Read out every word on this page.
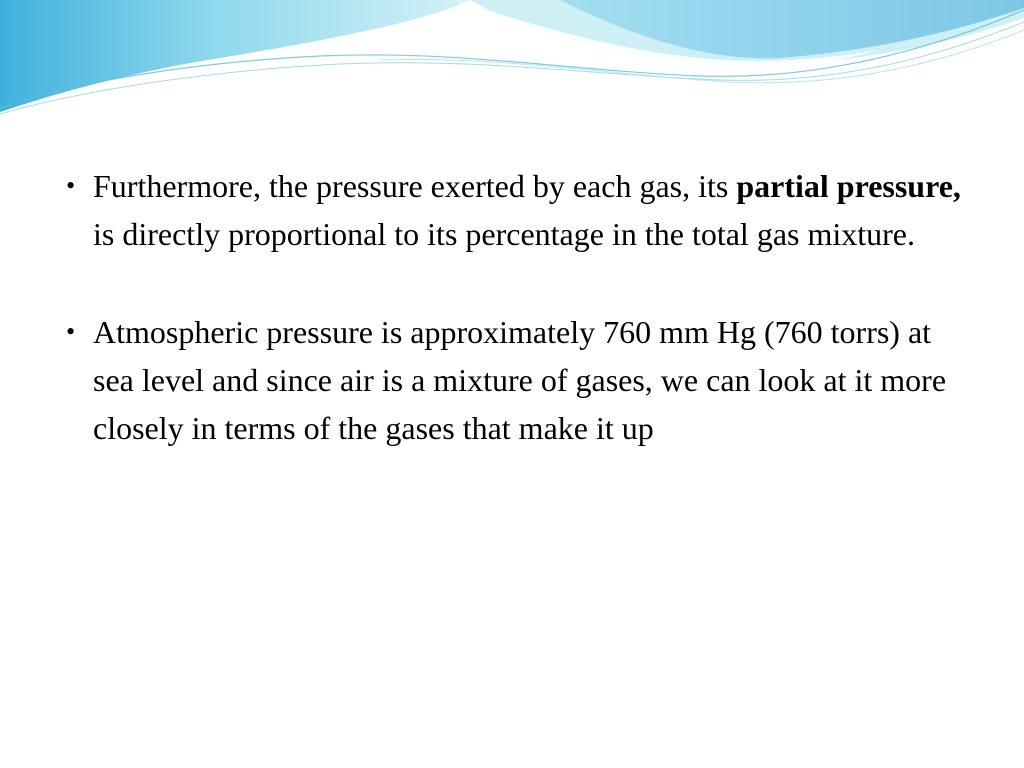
• Furthermore, the pressure exerted by each gas, its partial pressure, is directly proportional to its percentage in the total gas mixture.
• Atmospheric pressure is approximately 760 mm Hg (760 torrs) at sea level and since air is a mixture of gases, we can look at it more closely in terms of the gases that make it up
